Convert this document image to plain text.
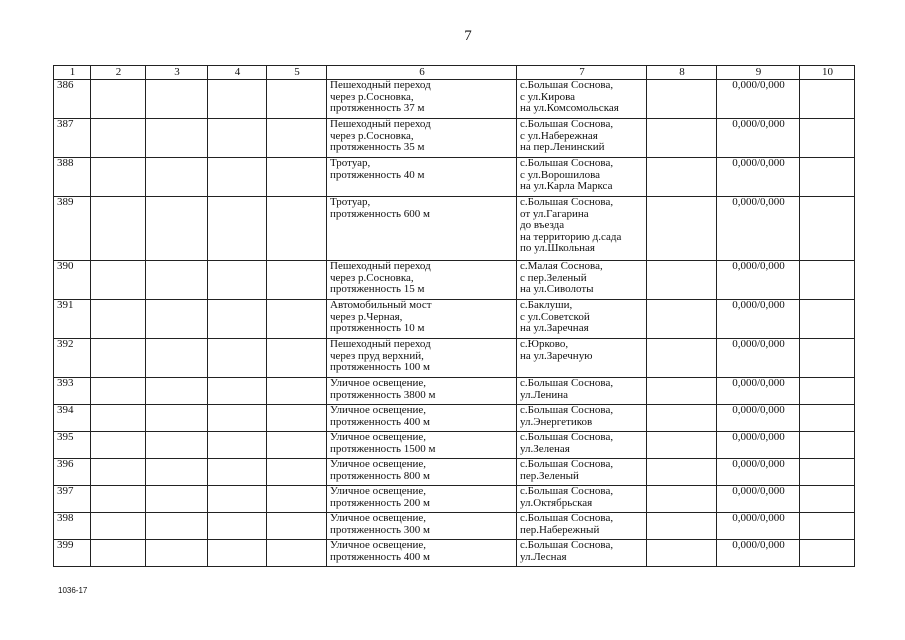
7
1	2	3	4	5	6	7	8	9	10
386					Пешеходный переход
через р.Сосновка,
протяженность 37 м	с.Большая Сосновa,
с ул.Кирова
на ул.Комсомольская		0,000/0,000	
387					Пешеходный переход
через р.Сосновка,
протяженность 35 м	с.Большая Сосновa,
с ул.Набережная
на пер.Ленинский		0,000/0,000	
388					Тротуар,
протяженность 40 м	с.Большая Сосновa,
с ул.Ворошилова
на ул.Карла Маркса		0,000/0,000	
389					Тротуар,
протяженность 600 м	с.Большая Сосновa,
от ул.Гагарина
до въезда
на территорию д.сада
по ул.Школьная		0,000/0,000	
390					Пешеходный переход
через р.Сосновка,
протяженность 15 м	с.Малая Сосновa,
с пер.Зеленый
на ул.Сиволоты		0,000/0,000	
391					Автомобильный мост
через р.Черная,
протяженность 10 м	с.Баклуши,
с ул.Советской
на ул.Заречная		0,000/0,000	
392					Пешеходный переход
через пруд верхний,
протяженность 100 м	с.Юрково,
на ул.Заречную		0,000/0,000	
393					Уличное освещение,
протяженность 3800 м	с.Большая Сосновa,
ул.Ленина		0,000/0,000	
394					Уличное освещение,
протяженность 400 м	с.Большая Сосновa,
ул.Энергетиков		0,000/0,000	
395					Уличное освещение,
протяженность 1500 м	с.Большая Сосновa,
ул.Зеленая		0,000/0,000	
396					Уличное освещение,
протяженность 800 м	с.Большая Сосновa,
пер.Зеленый		0,000/0,000	
397					Уличное освещение,
протяженность 200 м	с.Большая Сосновa,
ул.Октябрьская		0,000/0,000	
398					Уличное освещение,
протяженность 300 м	с.Большая Сосновa,
пер.Набережный		0,000/0,000	
399					Уличное освещение,
протяженность 400 м	с.Большая Сосновa,
ул.Лесная		0,000/0,000	
1036-17
